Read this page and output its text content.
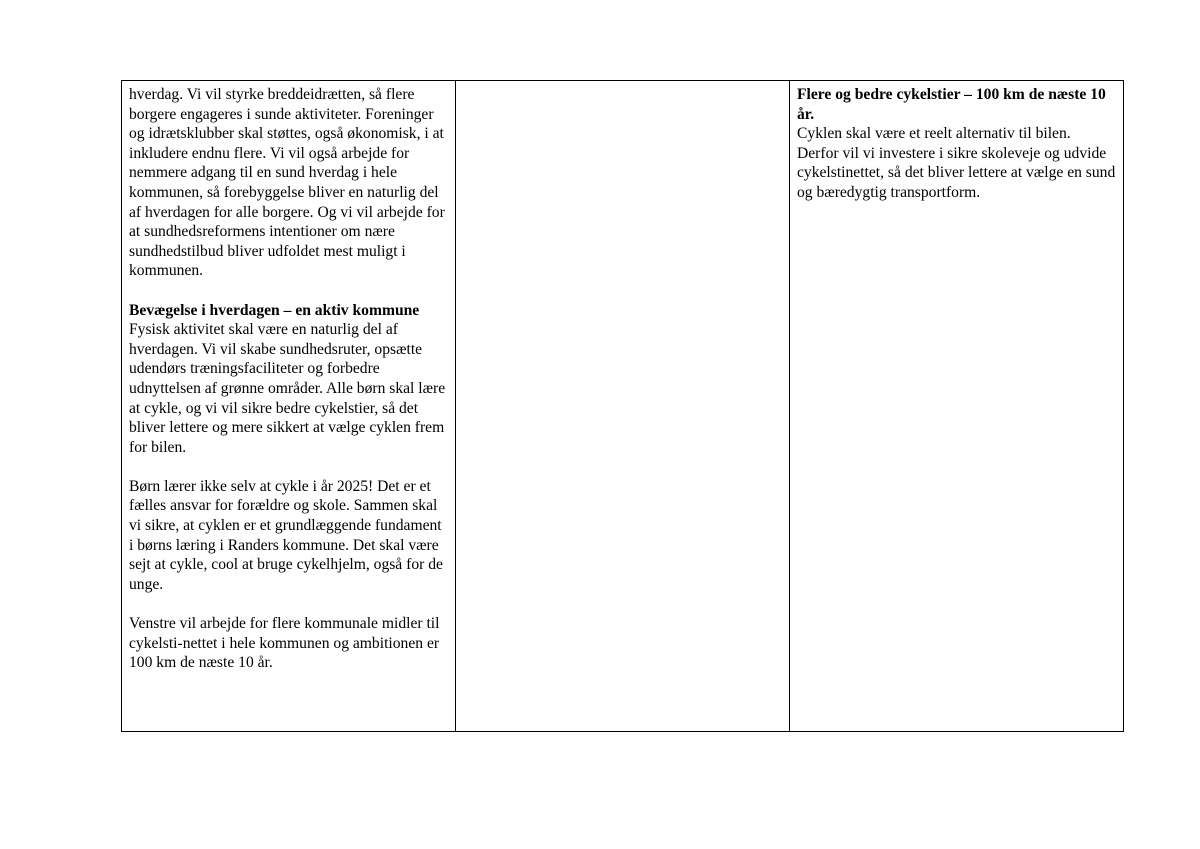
hverdag. Vi vil styrke breddeidrætten, så flere borgere engageres i sunde aktiviteter. Foreninger og idrætsklubber skal støttes, også økonomisk, i at inkludere endnu flere. Vi vil også arbejde for nemmere adgang til en sund hverdag i hele kommunen, så forebyggelse bliver en naturlig del af hverdagen for alle borgere. Og vi vil arbejde for at sundhedsreformens intentioner om nære sundhedstilbud bliver udfoldet mest muligt i kommunen.

Bevægelse i hverdagen – en aktiv kommune

Fysisk aktivitet skal være en naturlig del af hverdagen. Vi vil skabe sundhedsruter, opsætte udendørs træningsfaciliteter og forbedre udnyttelsen af grønne områder. Alle børn skal lære at cykle, og vi vil sikre bedre cykelstier, så det bliver lettere og mere sikkert at vælge cyklen frem for bilen.

Børn lærer ikke selv at cykle i år 2025! Det er et fælles ansvar for forældre og skole. Sammen skal vi sikre, at cyklen er et grundlæggende fundament i børns læring i Randers kommune. Det skal være sejt at cykle, cool at bruge cykelhjelm, også for de unge.

Venstre vil arbejde for flere kommunale midler til cykelsti-nettet i hele kommunen og ambitionen er 100 km de næste 10 år.

Flere og bedre cykelstier – 100 km de næste 10 år.

Cyklen skal være et reelt alternativ til bilen. Derfor vil vi investere i sikre skoleveje og udvide cykelstinettet, så det bliver lettere at vælge en sund og bæredygtig transportform.
